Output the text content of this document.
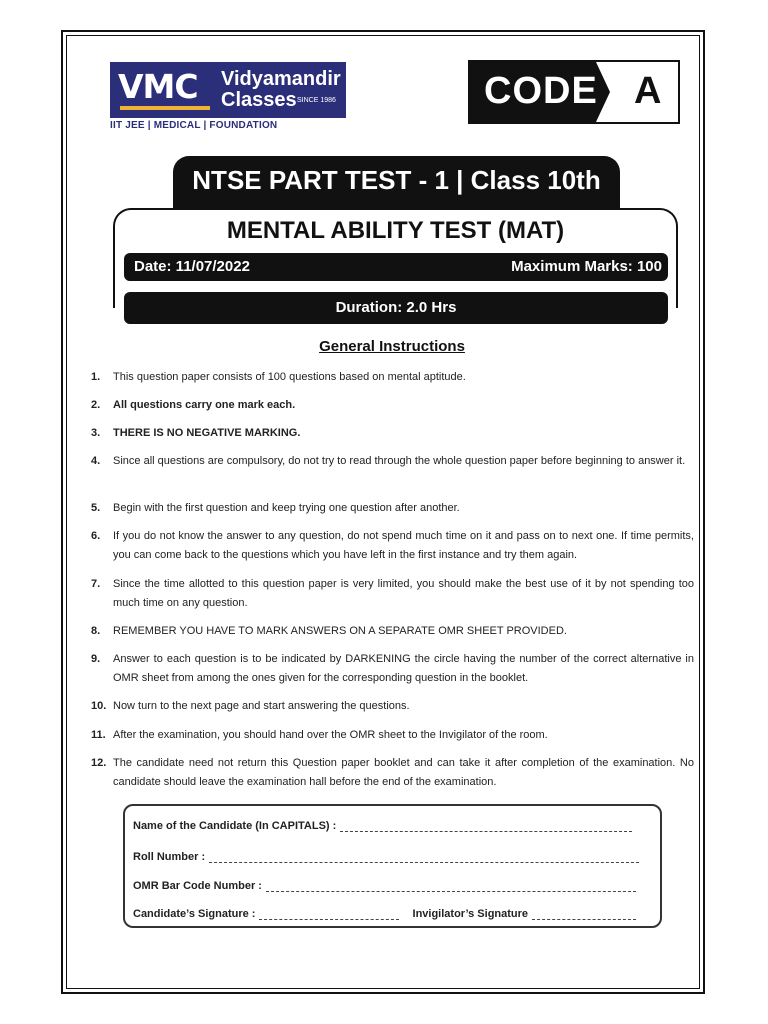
VMC Vidyamandir
Classes SINCE 1986
IIT JEE | MEDICAL | FOUNDATION
CODE A
NTSE PART TEST - 1 | Class 10th
MENTAL ABILITY TEST (MAT)
Date: 11/07/2022	Maximum Marks: 100
Duration: 2.0 Hrs
General Instructions
1. This question paper consists of 100 questions based on mental aptitude.
2. All questions carry one mark each.
3. THERE IS NO NEGATIVE MARKING.
4. Since all questions are compulsory, do not try to read through the whole question paper before beginning to answer it.
5. Begin with the first question and keep trying one question after another.
6. If you do not know the answer to any question, do not spend much time on it and pass on to next one. If time permits, you can come back to the questions which you have left in the first instance and try them again.
7. Since the time allotted to this question paper is very limited, you should make the best use of it by not spending too much time on any question.
8. REMEMBER YOU HAVE TO MARK ANSWERS ON A SEPARATE OMR SHEET PROVIDED.
9. Answer to each question is to be indicated by DARKENING the circle having the number of the correct alternative in OMR sheet from among the ones given for the corresponding question in the booklet.
10. Now turn to the next page and start answering the questions.
11. After the examination, you should hand over the OMR sheet to the Invigilator of the room.
12. The candidate need not return this Question paper booklet and can take it after completion of the examination. No candidate should leave the examination hall before the end of the examination.
Name of the Candidate (In CAPITALS) :
Roll Number :
OMR Bar Code Number :
Candidate’s Signature :	Invigilator’s Signature
